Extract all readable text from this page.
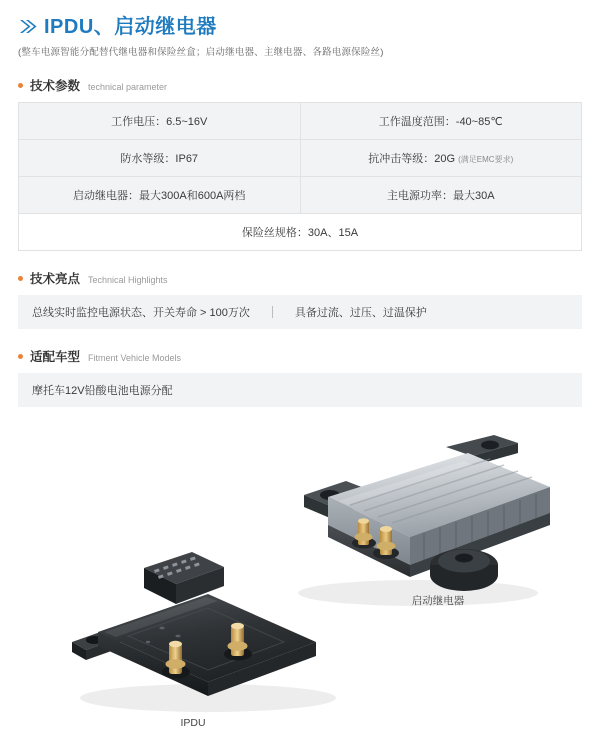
IPDU、启动继电器
(整车电源智能分配替代继电器和保险丝盒；启动继电器、主继电器、各路电源保险丝)
技术参数 technical parameter
工作电压：6.5~16V	工作温度范围：-40~85℃
防水等级：IP67	抗冲击等级：20G (满足EMC要求)
启动继电器：最大300A和600A两档	主电源功率：最大30A
保险丝规格：30A、15A	
技术亮点 Technical Highlights
总线实时监控电源状态、开关寿命 > 100万次	具备过流、过压、过温保护
适配车型 Fitment Vehicle Models
摩托车12V铅酸电池电源分配
启动继电器
IPDU
